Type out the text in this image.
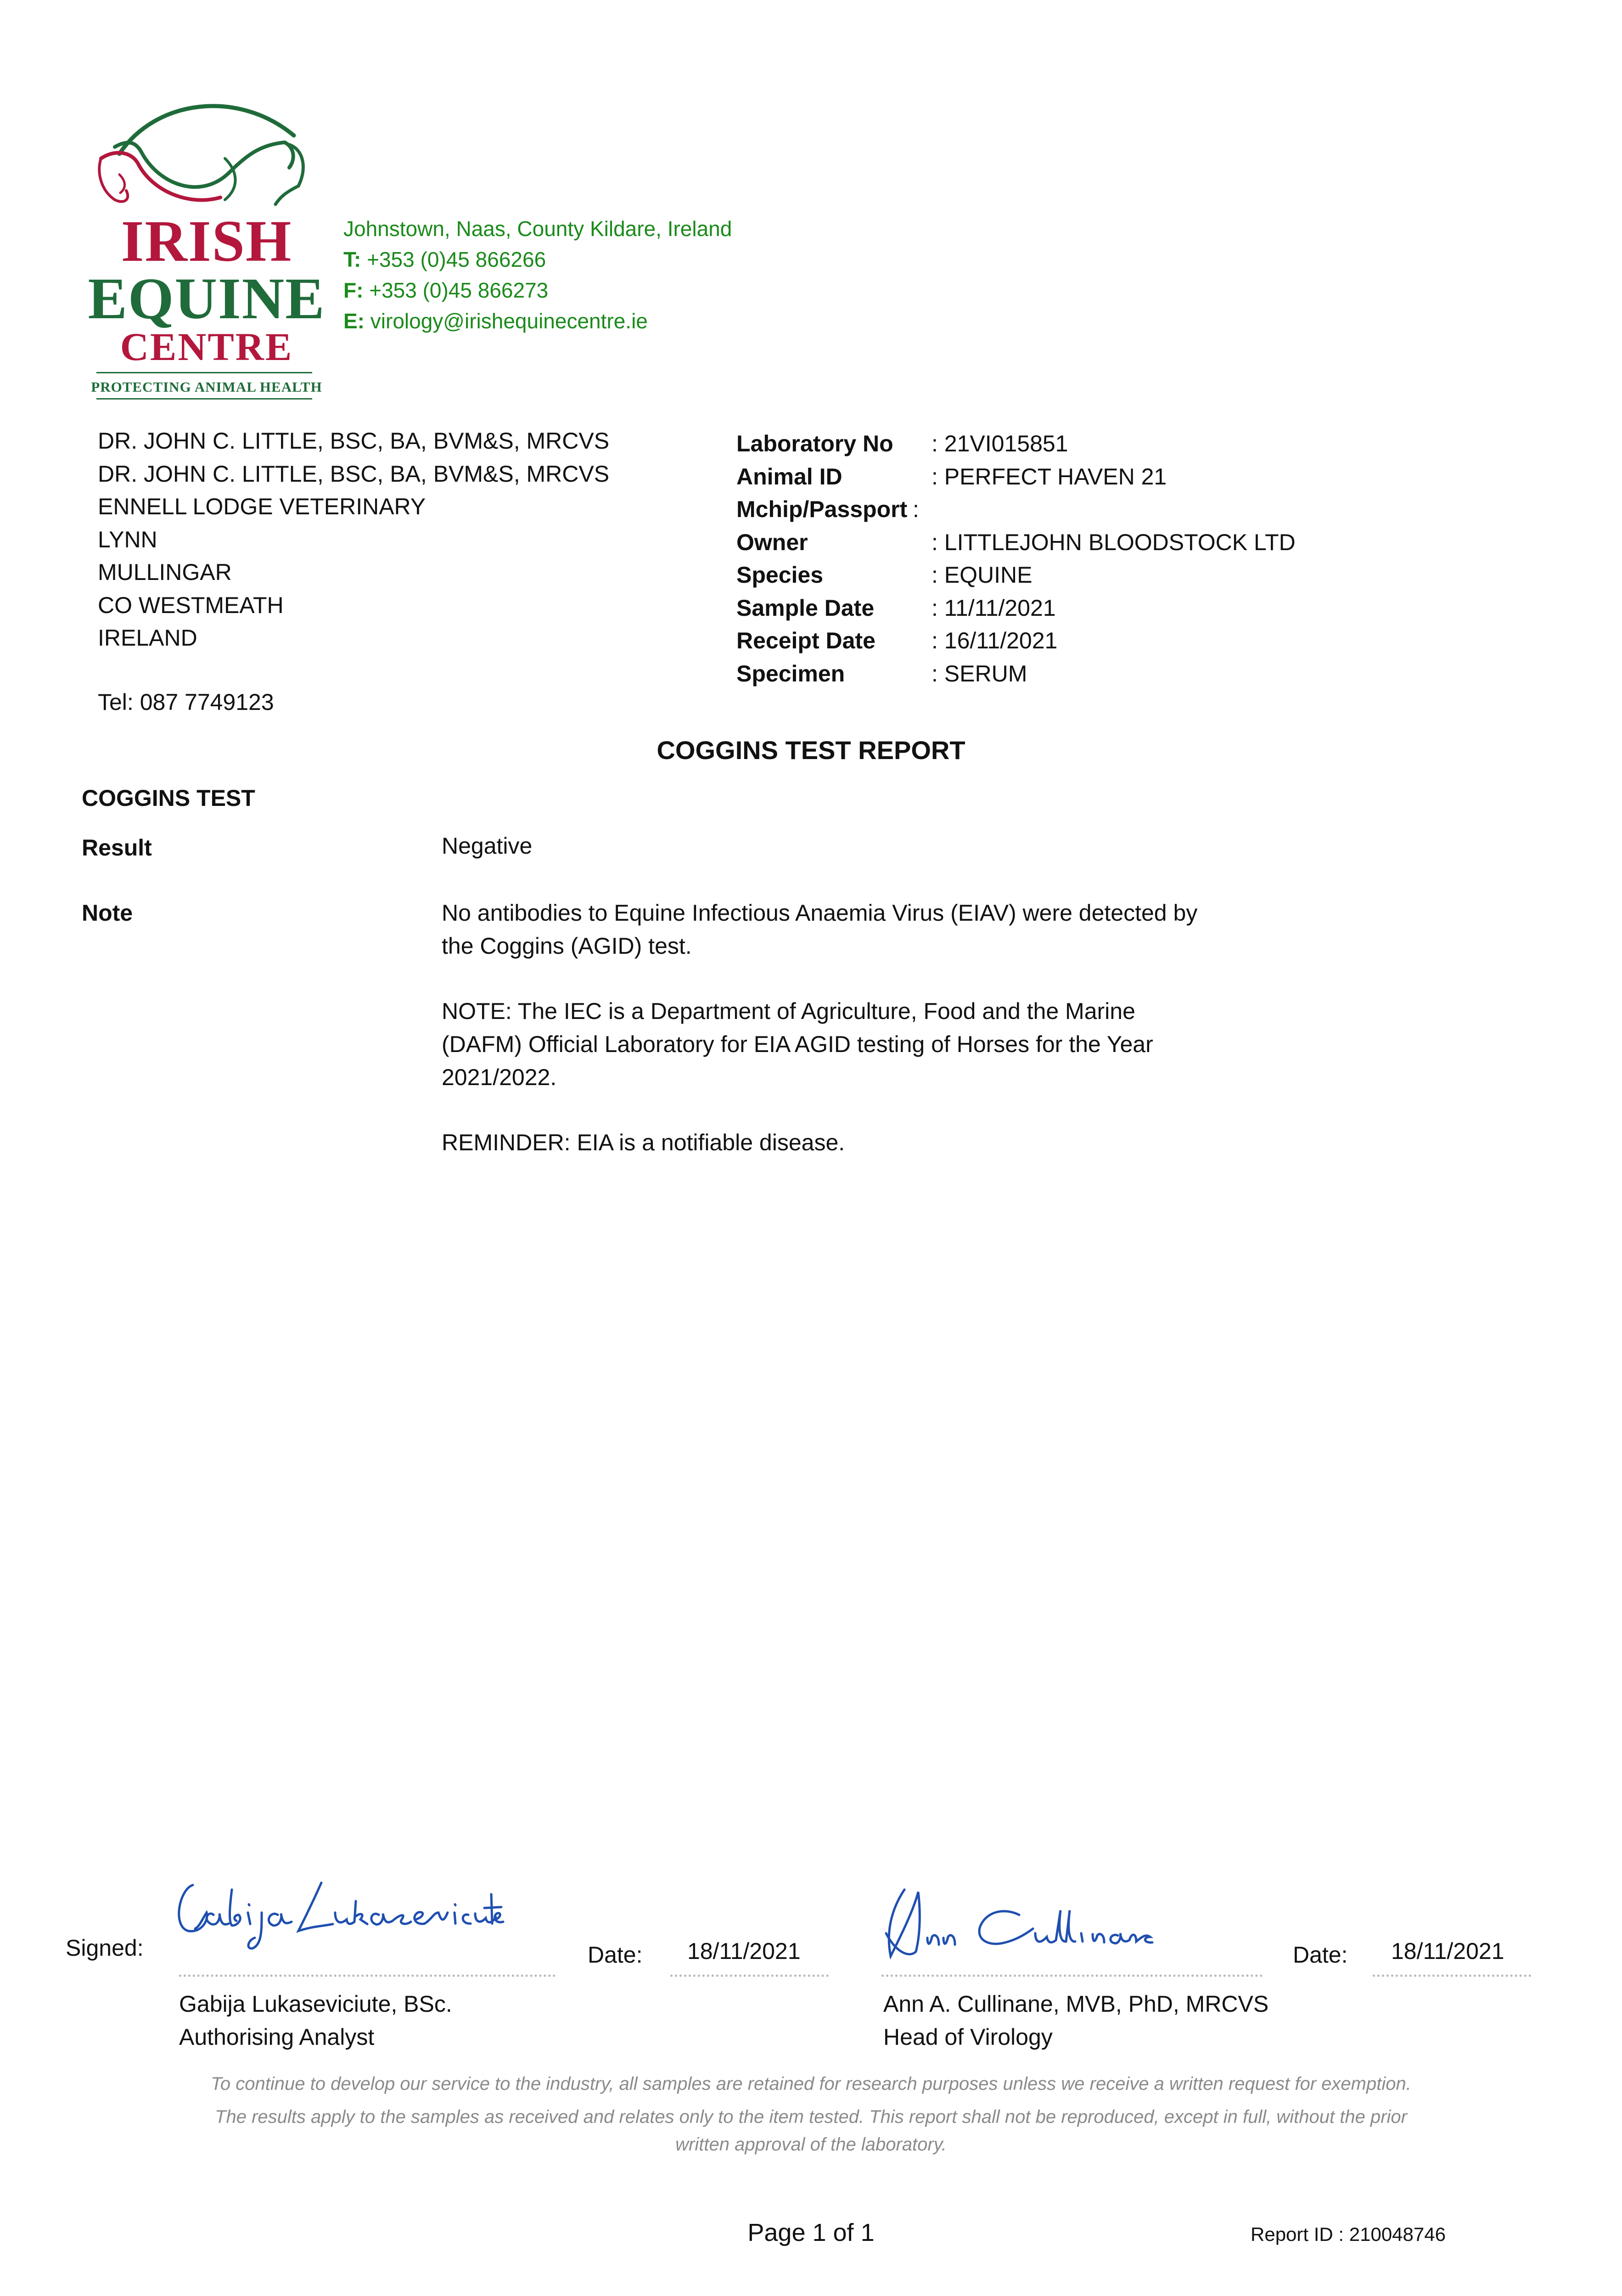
IRISH
EQUINE
CENTRE
PROTECTING ANIMAL HEALTH
Johnstown, Naas, County Kildare, Ireland
T: +353 (0)45 866266
F: +353 (0)45 866273
E: virology@irishequinecentre.ie
DR. JOHN C. LITTLE, BSC, BA, BVM&S, MRCVS
DR. JOHN C. LITTLE, BSC, BA, BVM&S, MRCVS
ENNELL LODGE VETERINARY
LYNN
MULLINGAR
CO WESTMEATH
IRELAND
Tel: 087 7749123
Laboratory No : 21VI015851
Animal ID	: PERFECT HAVEN 21
Mchip/Passport :
Owner	: LITTLEJOHN BLOODSTOCK LTD
Species	: EQUINE
Sample Date : 11/11/2021
Receipt Date : 16/11/2021
Specimen	: SERUM
COGGINS TEST REPORT
COGGINS TEST
Result	Negative
Note	No antibodies to Equine Infectious Anaemia Virus (EIAV) were detected by
the Coggins (AGID) test.
NOTE: The IEC is a Department of Agriculture, Food and the Marine
(DAFM) Official Laboratory for EIA AGID testing of Horses for the Year
2021/2022.
REMINDER: EIA is a notifiable disease.
Signed:	Date: 18/11/2021
Gabija Lukaseviciute, BSc.
Authorising Analyst
Date: 18/11/2021
Ann A. Cullinane, MVB, PhD, MRCVS
Head of Virology
To continue to develop our service to the industry, all samples are retained for research purposes unless we receive a written request for exemption.
The results apply to the samples as received and relates only to the item tested. This report shall not be reproduced, except in full, without the prior
written approval of the laboratory.
Page 1 of 1	Report ID : 210048746
